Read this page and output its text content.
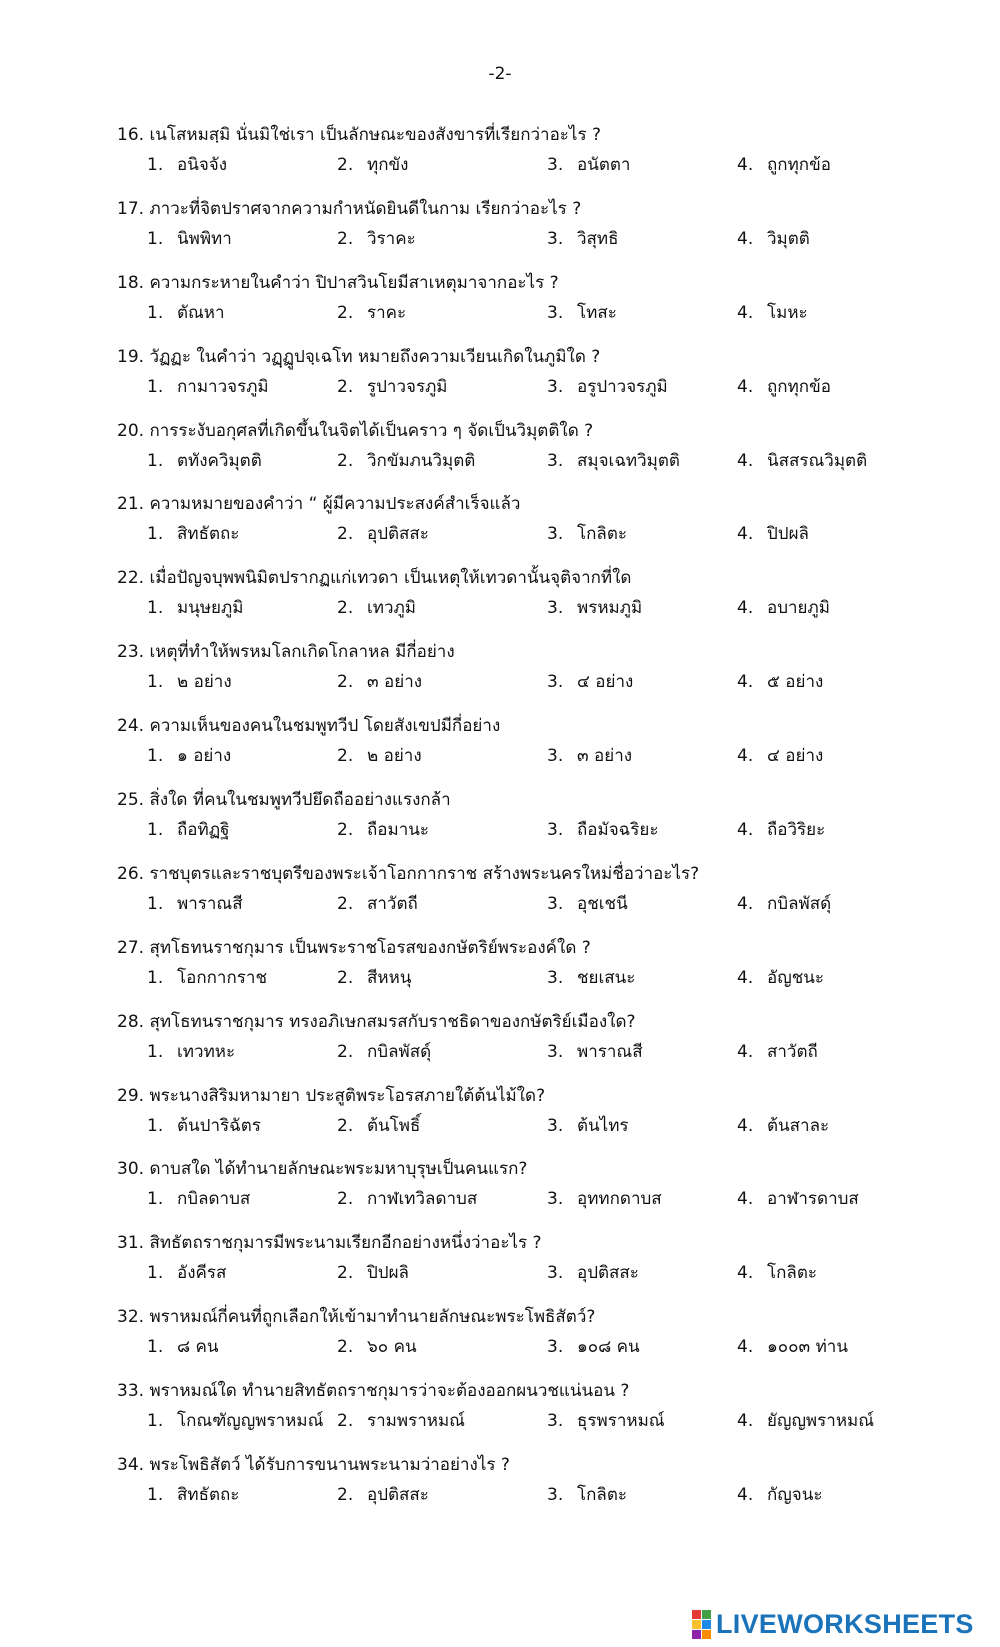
-2-
16. เนโสหมสฺมิ นั่นมิใช่เรา เป็นลักษณะของสังขารที่เรียกว่าอะไร ?
1. อนิจจัง	2. ทุกขัง	3. อนัตตา	4. ถูกทุกข้อ
17. ภาวะที่จิตปราศจากความกำหนัดยินดีในกาม เรียกว่าอะไร ?
1. นิพพิทา	2. วิราคะ	3. วิสุทธิ	4. วิมุตติ
18. ความกระหายในคำว่า ปิปาสวินโยมีสาเหตุมาจากอะไร ?
1. ตัณหา	2. ราคะ	3. โทสะ	4. โมหะ
19. วัฏฏะ ในคำว่า วฏฺฏูปจฺเฉโท หมายถึงความเวียนเกิดในภูมิใด ?
1. กามาวจรภูมิ	2. รูปาวจรภูมิ	3. อรูปาวจรภูมิ	4. ถูกทุกข้อ
20. การระงับอกุศลที่เกิดขึ้นในจิตได้เป็นคราว ๆ จัดเป็นวิมุตติใด ?
1. ตทังควิมุตติ	2. วิกขัมภนวิมุตติ	3. สมุจเฉทวิมุตติ	4. นิสสรณวิมุตติ
21. ความหมายของคำว่า “ ผู้มีความประสงค์สำเร็จแล้ว
1. สิทธัตถะ	2. อุปติสสะ	3. โกลิตะ	4. ปิปผลิ
22. เมื่อปัญจบุพพนิมิตปรากฏแก่เทวดา เป็นเหตุให้เทวดานั้นจุติจากที่ใด
1. มนุษยภูมิ	2. เทวภูมิ	3. พรหมภูมิ	4. อบายภูมิ
23. เหตุที่ทำให้พรหมโลกเกิดโกลาหล มีกี่อย่าง
1. ๒ อย่าง	2. ๓ อย่าง	3. ๔ อย่าง	4. ๕ อย่าง
24. ความเห็นของคนในชมพูทวีป โดยสังเขปมีกี่อย่าง
1. ๑ อย่าง	2. ๒ อย่าง	3. ๓ อย่าง	4. ๔ อย่าง
25. สิ่งใด ที่คนในชมพูทวีปยึดถืออย่างแรงกล้า
1. ถือทิฏฐิ	2. ถือมานะ	3. ถือมัจฉริยะ	4. ถือวิริยะ
26. ราชบุตรและราชบุตรีของพระเจ้าโอกกากราช สร้างพระนครใหม่ชื่อว่าอะไร?
1. พาราณสี	2. สาวัตถี	3. อุชเชนี	4. กบิลพัสดุ์
27. สุทโธทนราชกุมาร เป็นพระราชโอรสของกษัตริย์พระองค์ใด ?
1. โอกกากราช	2. สีหหนุ	3. ชยเสนะ	4. อัญชนะ
28. สุทโธทนราชกุมาร ทรงอภิเษกสมรสกับราชธิดาของกษัตริย์เมืองใด?
1. เทวทหะ	2. กบิลพัสดุ์	3. พาราณสี	4. สาวัตถี
29. พระนางสิริมหามายา ประสูติพระโอรสภายใต้ต้นไม้ใด?
1. ต้นปาริฉัตร	2. ต้นโพธิ์	3. ต้นไทร	4. ต้นสาละ
30. ดาบสใด ได้ทำนายลักษณะพระมหาบุรุษเป็นคนแรก?
1. กบิลดาบส	2. กาฬเทวิลดาบส	3. อุททกดาบส	4. อาฬารดาบส
31. สิทธัตถราชกุมารมีพระนามเรียกอีกอย่างหนึ่งว่าอะไร ?
1. อังคีรส	2. ปิปผลิ	3. อุปติสสะ	4. โกลิตะ
32. พราหมณ์กี่คนที่ถูกเลือกให้เข้ามาทำนายลักษณะพระโพธิสัตว์?
1. ๘ คน	2. ๖๐ คน	3. ๑๐๘ คน	4. ๑๐๐๓ ท่าน
33. พราหมณ์ใด ทำนายสิทธัตถราชกุมารว่าจะต้องออกผนวชแน่นอน ?
1. โกณฑัญญพราหมณ์ 2. รามพราหมณ์	3. ธุรพราหมณ์	4. ยัญญพราหมณ์
34. พระโพธิสัตว์ ได้รับการขนานพระนามว่าอย่างไร ?
1. สิทธัตถะ	2. อุปติสสะ	3. โกลิตะ	4. กัญจนะ
LIVEWORKSHEETS
